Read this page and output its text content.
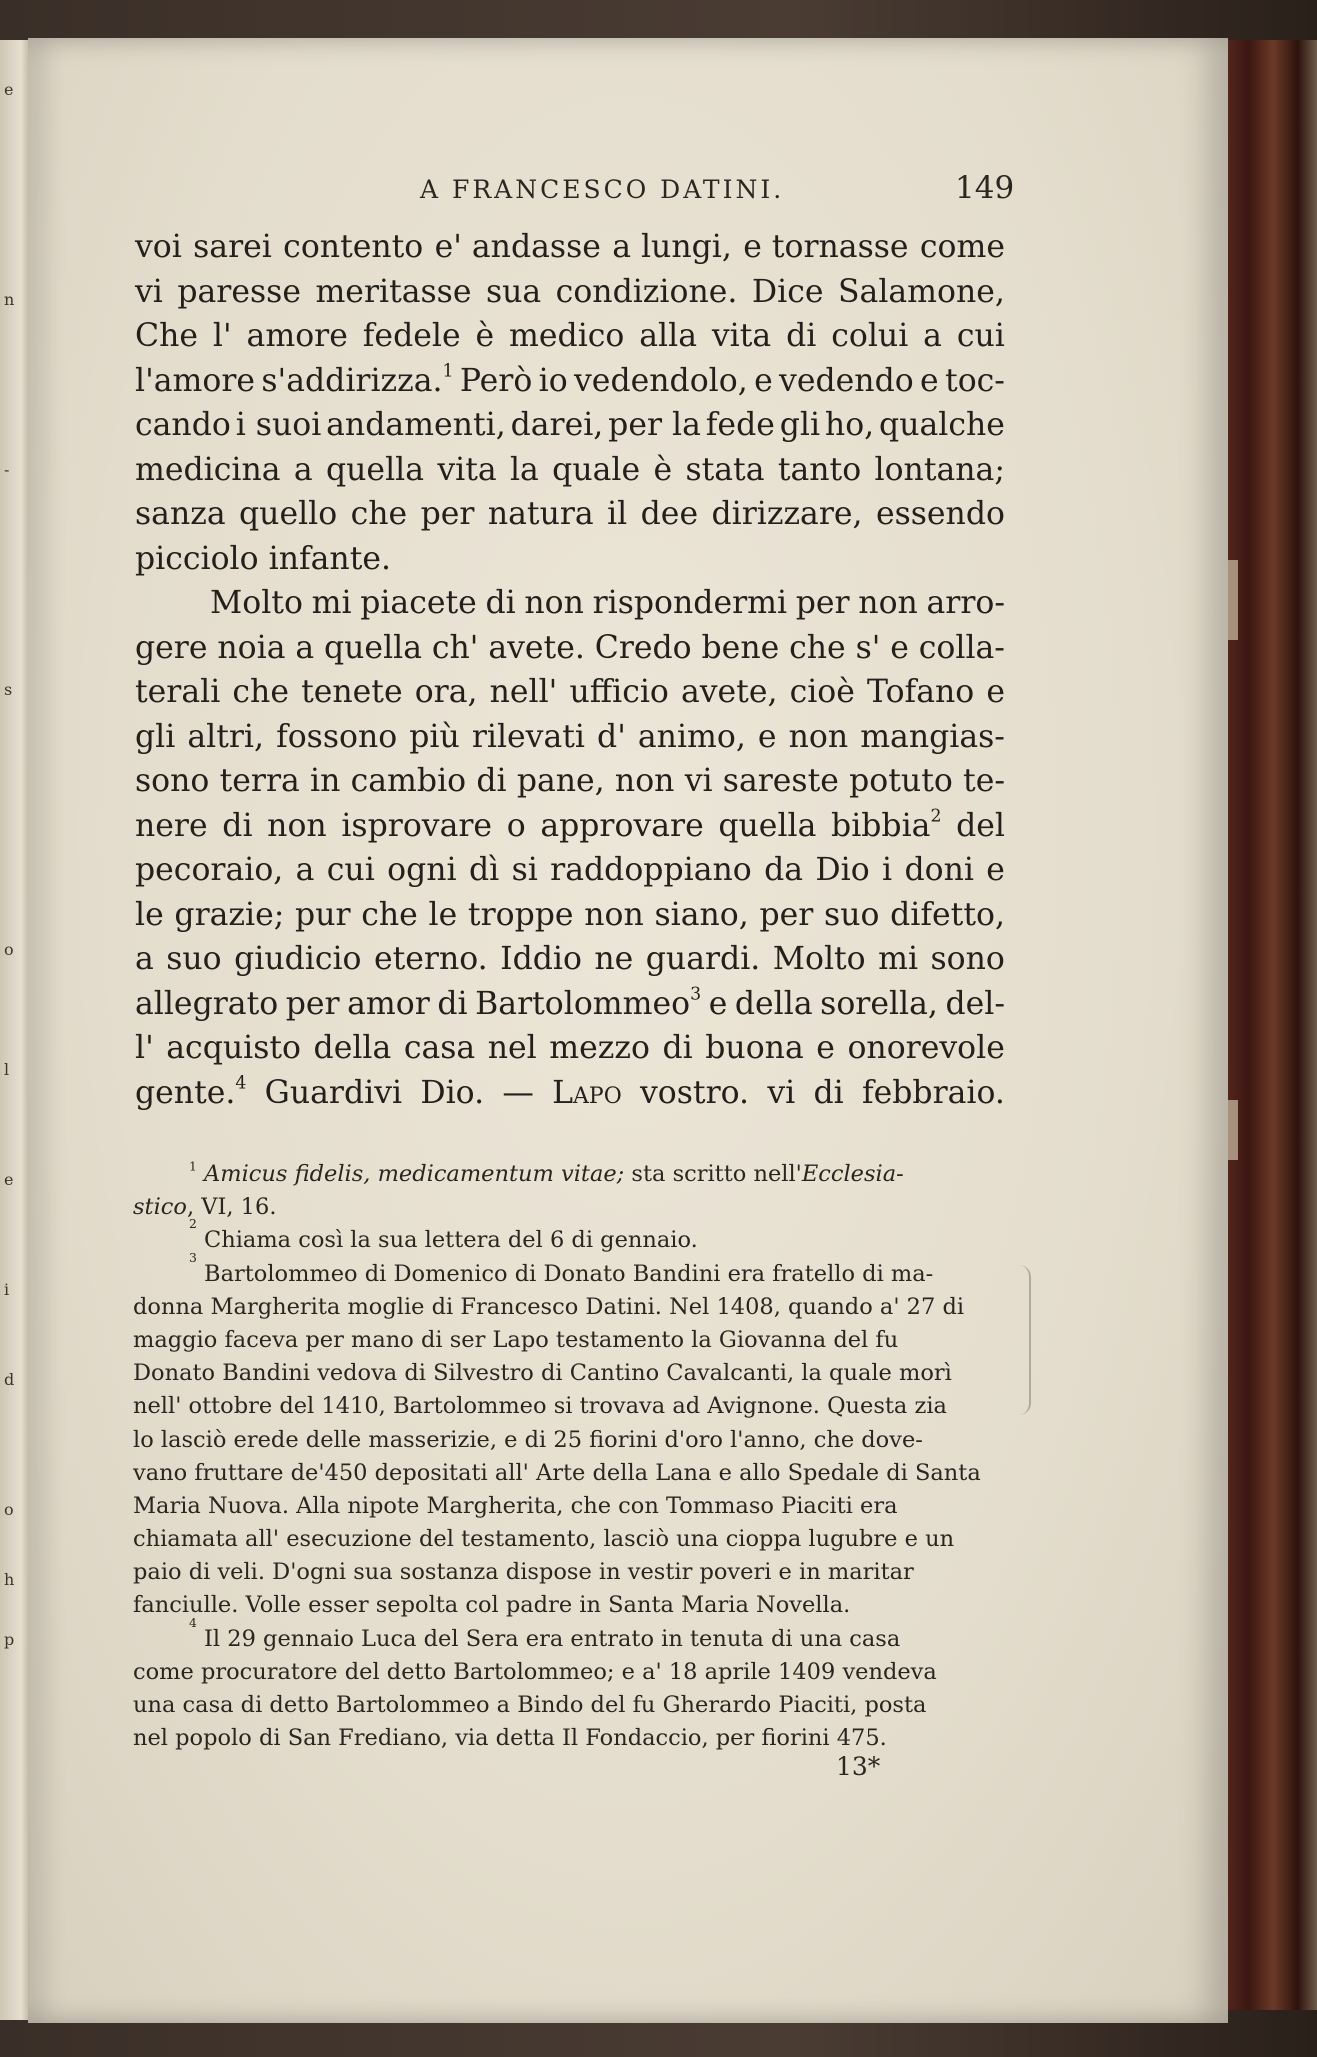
e
n
-
s
o
l
e
i
d
o
h
p
A FRANCESCO DATINI.	149
voi sarei contento e' andasse a lungi, e tornasse come
vi paresse meritasse sua condizione. Dice Salamone,
Che l' amore fedele è medico alla vita di colui a cui
l'amore s'addirizza.$^1$ Però io vedendolo, e vedendo e toc-
cando i suoi andamenti, darei, per la fede gli ho, qualche
medicina a quella vita la quale è stata tanto lontana;
sanza quello che per natura il dee dirizzare, essendo
picciolo
infante.
Molto mi piacete di non rispondermi per non arro-
gere noia a quella ch' avete. Credo bene che s' e colla-
terali che tenete ora, nell' ufficio avete, cioè Tofano e
gli altri, fossono più rilevati d' animo, e non mangias-
sono terra in cambio di pane, non vi sareste potuto te-
nere di non isprovare o approvare quella bibbia$^2$ del
pecoraio, a cui ogni dì si raddoppiano da Dio i doni e
le grazie; pur che le troppe non siano, per suo difetto,
a suo giudicio eterno. Iddio ne guardi. Molto mi sono
allegrato per amor di Bartolommeo$^3$ e della sorella, del-
l' acquisto della casa nel mezzo di buona e onorevole
gente.$^4$ Guardivi Dio. — Lapo vostro. vi di febbraio.
$^1$ Amicus fidelis, medicamentum vitae; sta scritto nell'Ecclesia-
stico , VI, 16.
2

Chiama così la sua lettera del 6 di gennaio.
3

Bartolommeo di Domenico di Donato Bandini era fratello di ma-
donna Margherita moglie di Francesco Datini. Nel 1408, quando a' 27 di
maggio faceva per mano di ser Lapo testamento la Giovanna del fu
Donato Bandini vedova di Silvestro di Cantino Cavalcanti, la quale morì
nell' ottobre del 1410, Bartolommeo si trovava ad Avignone. Questa zia
lo lasciò erede delle masserizie, e di 25 fiorini d'oro l'anno, che dove-
vano fruttare de'450 depositati all' Arte della Lana e allo Spedale di Santa
Maria Nuova. Alla nipote Margherita, che con Tommaso Piaciti era
chiamata all' esecuzione del testamento, lasciò una cioppa lugubre e un
paio di veli. D'ogni sua sostanza dispose in vestir poveri e in maritar
fanciulle. Volle esser sepolta col padre in Santa Maria Novella.
4

Il 29 gennaio Luca del Sera era entrato in tenuta di una casa
come procuratore del detto Bartolommeo; e a' 18 aprile 1409 vendeva
una casa di detto Bartolommeo a Bindo del fu Gherardo Piaciti, posta
nel popolo di San Frediano, via detta Il Fondaccio, per fiorini 475.
13*
